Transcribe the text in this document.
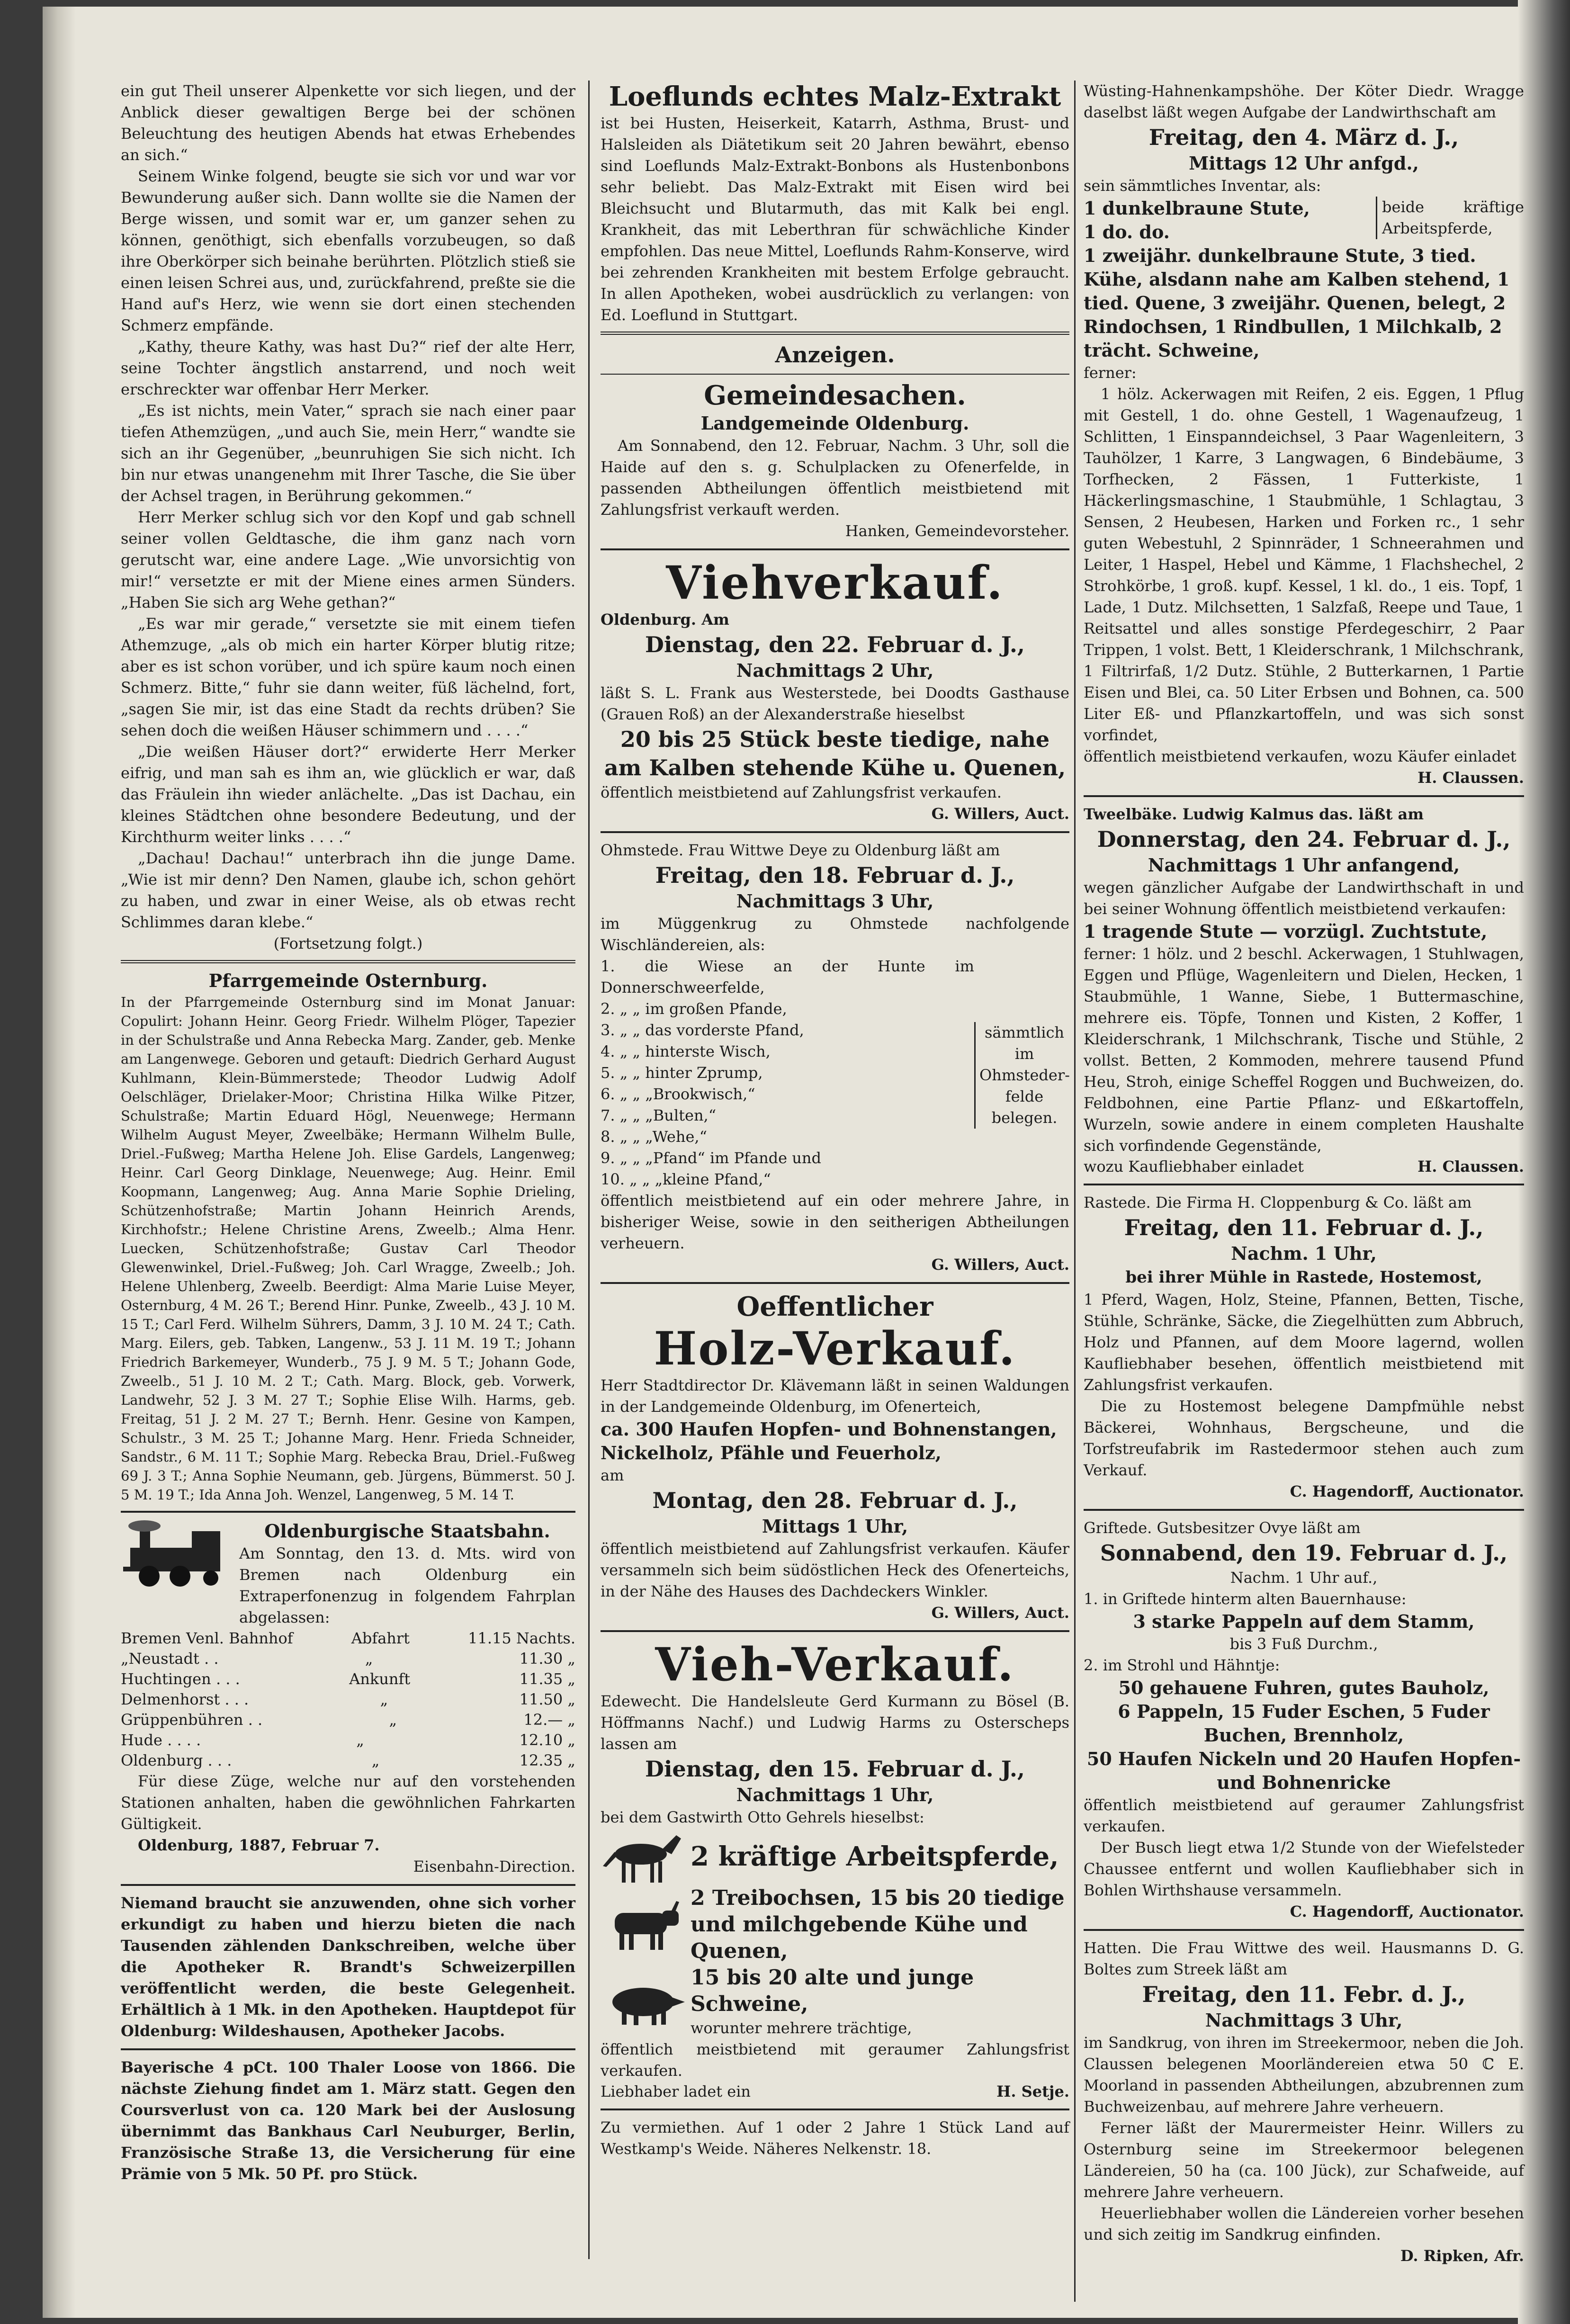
ein gut Theil unserer Alpenkette vor sich liegen, und der Anblick dieser gewaltigen Berge bei der schönen Beleuchtung des heutigen Abends hat etwas Erhebendes an sich.“

Seinem Winke folgend, beugte sie sich vor und war vor Bewunderung außer sich. Dann wollte sie die Namen der Berge wissen, und somit war er, um ganzer sehen zu können, genöthigt, sich ebenfalls vorzubeugen, so daß ihre Oberkörper sich beinahe berührten. Plötzlich stieß sie einen leisen Schrei aus, und, zurückfahrend, preßte sie die Hand auf's Herz, wie wenn sie dort einen stechenden Schmerz empfände.

„Kathy, theure Kathy, was hast Du?“ rief der alte Herr, seine Tochter ängstlich anstarrend, und noch weit erschreckter war offenbar Herr Merker.

„Es ist nichts, mein Vater,“ sprach sie nach einer paar tiefen Athemzügen, „und auch Sie, mein Herr,“ wandte sie sich an ihr Gegenüber, „beunruhigen Sie sich nicht. Ich bin nur etwas unangenehm mit Ihrer Tasche, die Sie über der Achsel tragen, in Berührung gekommen.“

Herr Merker schlug sich vor den Kopf und gab schnell seiner vollen Geldtasche, die ihm ganz nach vorn gerutscht war, eine andere Lage. „Wie unvorsichtig von mir!“ versetzte er mit der Miene eines armen Sünders. „Haben Sie sich arg Wehe gethan?“

„Es war mir gerade,“ versetzte sie mit einem tiefen Athemzuge, „als ob mich ein harter Körper blutig ritze; aber es ist schon vorüber, und ich spüre kaum noch einen Schmerz. Bitte,“ fuhr sie dann weiter, füß lächelnd, fort, „sagen Sie mir, ist das eine Stadt da rechts drüben? Sie sehen doch die weißen Häuser schimmern und . . . .“

„Die weißen Häuser dort?“ erwiderte Herr Merker eifrig, und man sah es ihm an, wie glücklich er war, daß das Fräulein ihn wieder anlächelte. „Das ist Dachau, ein kleines Städtchen ohne besondere Bedeutung, und der Kirchthurm weiter links . . . .“

„Dachau! Dachau!“ unterbrach ihn die junge Dame. „Wie ist mir denn? Den Namen, glaube ich, schon gehört zu haben, und zwar in einer Weise, als ob etwas recht Schlimmes daran klebe.“

(Fortsetzung folgt.)

Pfarrgemeinde Osternburg.

In der Pfarrgemeinde Osternburg sind im Monat Januar: Copulirt: Johann Heinr. Georg Friedr. Wilhelm Plöger, Tapezier in der Schulstraße und Anna Rebecka Marg. Zander, geb. Menke am Langenwege. Geboren und getauft: Diedrich Gerhard August Kuhlmann, Klein-Bümmerstede; Theodor Ludwig Adolf Oelschläger, Drielaker-Moor; Christina Hilka Wilke Pitzer, Schulstraße; Martin Eduard Högl, Neuenwege; Hermann Wilhelm August Meyer, Zweelbäke; Hermann Wilhelm Bulle, Driel.-Fußweg; Martha Helene Joh. Elise Gardels, Langenweg; Heinr. Carl Georg Dinklage, Neuenwege; Aug. Heinr. Emil Koopmann, Langenweg; Aug. Anna Marie Sophie Drieling, Schützenhofstraße; Martin Johann Heinrich Arends, Kirchhofstr.; Helene Christine Arens, Zweelb.; Alma Henr. Luecken, Schützenhofstraße; Gustav Carl Theodor Glewenwinkel, Driel.-Fußweg; Joh. Carl Wragge, Zweelb.; Joh. Helene Uhlenberg, Zweelb. Beerdigt: Alma Marie Luise Meyer, Osternburg, 4 M. 26 T.; Berend Hinr. Punke, Zweelb., 43 J. 10 M. 15 T.; Carl Ferd. Wilhelm Sührers, Damm, 3 J. 10 M. 24 T.; Cath. Marg. Eilers, geb. Tabken, Langenw., 53 J. 11 M. 19 T.; Johann Friedrich Barkemeyer, Wunderb., 75 J. 9 M. 5 T.; Johann Gode, Zweelb., 51 J. 10 M. 2 T.; Cath. Marg. Block, geb. Vorwerk, Landwehr, 52 J. 3 M. 27 T.; Sophie Elise Wilh. Harms, geb. Freitag, 51 J. 2 M. 27 T.; Bernh. Henr. Gesine von Kampen, Schulstr., 3 M. 25 T.; Johanne Marg. Henr. Frieda Schneider, Sandstr., 6 M. 11 T.; Sophie Marg. Rebecka Brau, Driel.-Fußweg 69 J. 3 T.; Anna Sophie Neumann, geb. Jürgens, Bümmerst. 50 J. 5 M. 19 T.; Ida Anna Joh. Wenzel, Langenweg, 5 M. 14 T.

Oldenburgische Staatsbahn.

Am Sonntag, den 13. d. Mts. wird von Bremen nach Oldenburg ein Extraperfonenzug in folgendem Fahrplan abgelassen:

Bremen Venl. Bahnhof	Abfahrt	11.15 Nachts.
„Neustadt . .	„	11.30 „
Huchtingen . . .	Ankunft	11.35 „
Delmenhorst . . .	„	11.50 „
Grüppenbühren . .	„	12.— „
Hude . . . .	„	12.10 „
Oldenburg . . .	„	12.35 „

Für diese Züge, welche nur auf den vorstehenden Stationen anhalten, haben die gewöhnlichen Fahrkarten Gültigkeit.

Oldenburg, 1887, Februar 7.

Eisenbahn-Direction.

Niemand braucht sie anzuwenden, ohne sich vorher erkundigt zu haben und hierzu bieten die nach Tausenden zählenden Dankschreiben, welche über die Apotheker R. Brandt's Schweizerpillen veröffentlicht werden, die beste Gelegenheit. Erhältlich à 1 Mk. in den Apotheken. Hauptdepot für Oldenburg: Wildeshausen, Apotheker Jacobs.

Bayerische 4 pCt. 100 Thaler Loose von 1866. Die nächste Ziehung findet am 1. März statt. Gegen den Coursverlust von ca. 120 Mark bei der Auslosung übernimmt das Bankhaus Carl Neuburger, Berlin, Französische Straße 13, die Versicherung für eine Prämie von 5 Mk. 50 Pf. pro Stück.

Loeflunds echtes Malz-Extrakt

ist bei Husten, Heiserkeit, Katarrh, Asthma, Brust- und Halsleiden als Diätetikum seit 20 Jahren bewährt, ebenso sind Loeflunds Malz-Extrakt-Bonbons als Hustenbonbons sehr beliebt. Das Malz-Extrakt mit Eisen wird bei Bleichsucht und Blutarmuth, das mit Kalk bei engl. Krankheit, das mit Leberthran für schwächliche Kinder empfohlen. Das neue Mittel, Loeflunds Rahm-Konserve, wird bei zehrenden Krankheiten mit bestem Erfolge gebraucht. In allen Apotheken, wobei ausdrücklich zu verlangen: von Ed. Loeflund in Stuttgart.

Anzeigen.

Gemeindesachen.

Landgemeinde Oldenburg.

Am Sonnabend, den 12. Februar, Nachm. 3 Uhr, soll die Haide auf den s. g. Schulplacken zu Ofenerfelde, in passenden Abtheilungen öffentlich meistbietend mit Zahlungsfrist verkauft werden.

Hanken, Gemeindevorsteher.

Viehverkauf.

Oldenburg. Am

Dienstag, den 22. Februar d. J.,

Nachmittags 2 Uhr,

läßt S. L. Frank aus Westerstede, bei Doodts Gasthause (Grauen Roß) an der Alexanderstraße hieselbst

20 bis 25 Stück beste tiedige, nahe am Kalben stehende Kühe u. Quenen,

öffentlich meistbietend auf Zahlungsfrist verkaufen.

G. Willers, Auct.

Ohmstede. Frau Wittwe Deye zu Oldenburg läßt am

Freitag, den 18. Februar d. J.,

Nachmittags 3 Uhr,

im Müggenkrug zu Ohmstede nachfolgende Wischländereien, als:

1. die Wiese an der Hunte im Donnerschweerfelde,

2. „ „ im großen Pfande,

3. „ „ das vorderste Pfand,

4. „ „ hinterste Wisch,

5. „ „ hinter Zprump,

6. „ „ „Brookwisch,“

7. „ „ „Bulten,“

8. „ „ „Wehe,“

9. „ „ „Pfand“ im Pfande und

10. „ „ „kleine Pfand,“

sämmtlich im Ohmsteder-felde belegen.

öffentlich meistbietend auf ein oder mehrere Jahre, in bisheriger Weise, sowie in den seitherigen Abtheilungen verheuern.

G. Willers, Auct.

Oeffentlicher

Holz-Verkauf.

Herr Stadtdirector Dr. Klävemann läßt in seinen Waldungen in der Landgemeinde Oldenburg, im Ofenerteich,

ca. 300 Haufen Hopfen- und Bohnenstangen, Nickelholz, Pfähle und Feuerholz,

am

Montag, den 28. Februar d. J.,

Mittags 1 Uhr,

öffentlich meistbietend auf Zahlungsfrist verkaufen. Käufer versammeln sich beim südöstlichen Heck des Ofenerteichs, in der Nähe des Hauses des Dachdeckers Winkler.

G. Willers, Auct.

Vieh-Verkauf.

Edewecht. Die Handelsleute Gerd Kurmann zu Bösel (B. Höffmanns Nachf.) und Ludwig Harms zu Osterscheps lassen am

Dienstag, den 15. Februar d. J.,

Nachmittags 1 Uhr,

bei dem Gastwirth Otto Gehrels hieselbst:

2 kräftige Arbeitspferde,

2 Treibochsen, 15 bis 20 tiedige und milchgebende Kühe und Quenen,

15 bis 20 alte und junge Schweine,

worunter mehrere trächtige,

öffentlich meistbietend mit geraumer Zahlungsfrist verkaufen.

Liebhaber ladet ein	H. Setje.

Zu vermiethen. Auf 1 oder 2 Jahre 1 Stück Land auf Westkamp's Weide. Näheres Nelkenstr. 18.

Wüsting-Hahnenkampshöhe. Der Köter Diedr. Wragge daselbst läßt wegen Aufgabe der Landwirthschaft am

Freitag, den 4. März d. J.,

Mittags 12 Uhr anfgd.,

sein sämmtliches Inventar, als:

1 dunkelbraune Stute,

1 do. do.

beide kräftige Arbeitspferde,

1 zweijähr. dunkelbraune Stute, 3 tied. Kühe, alsdann nahe am Kalben stehend, 1 tied. Quene, 3 zweijähr. Quenen, belegt, 2 Rindochsen, 1 Rindbullen, 1 Milchkalb, 2 trächt. Schweine,

ferner:

1 hölz. Ackerwagen mit Reifen, 2 eis. Eggen, 1 Pflug mit Gestell, 1 do. ohne Gestell, 1 Wagenaufzeug, 1 Schlitten, 1 Einspanndeichsel, 3 Paar Wagenleitern, 3 Tauhölzer, 1 Karre, 3 Langwagen, 6 Bindebäume, 3 Torfhecken, 2 Fässen, 1 Futterkiste, 1 Häckerlingsmaschine, 1 Staubmühle, 1 Schlagtau, 3 Sensen, 2 Heubesen, Harken und Forken rc., 1 sehr guten Webestuhl, 2 Spinnräder, 1 Schneerahmen und Leiter, 1 Haspel, Hebel und Kämme, 1 Flachshechel, 2 Strohkörbe, 1 groß. kupf. Kessel, 1 kl. do., 1 eis. Topf, 1 Lade, 1 Dutz. Milchsetten, 1 Salzfaß, Reepe und Taue, 1 Reitsattel und alles sonstige Pferdegeschirr, 2 Paar Trippen, 1 volst. Bett, 1 Kleiderschrank, 1 Milchschrank, 1 Filtrirfaß, 1/2 Dutz. Stühle, 2 Butterkarnen, 1 Partie Eisen und Blei, ca. 50 Liter Erbsen und Bohnen, ca. 500 Liter Eß- und Pflanzkartoffeln, und was sich sonst vorfindet,

öffentlich meistbietend verkaufen, wozu Käufer einladet

H. Claussen.

Tweelbäke. Ludwig Kalmus das. läßt am

Donnerstag, den 24. Februar d. J.,

Nachmittags 1 Uhr anfangend,

wegen gänzlicher Aufgabe der Landwirthschaft in und bei seiner Wohnung öffentlich meistbietend verkaufen:

1 tragende Stute — vorzügl. Zuchtstute,

ferner: 1 hölz. und 2 beschl. Ackerwagen, 1 Stuhlwagen, Eggen und Pflüge, Wagenleitern und Dielen, Hecken, 1 Staubmühle, 1 Wanne, Siebe, 1 Buttermaschine, mehrere eis. Töpfe, Tonnen und Kisten, 2 Koffer, 1 Kleiderschrank, 1 Milchschrank, Tische und Stühle, 2 vollst. Betten, 2 Kommoden, mehrere tausend Pfund Heu, Stroh, einige Scheffel Roggen und Buchweizen, do. Feldbohnen, eine Partie Pflanz- und Eßkartoffeln, Wurzeln, sowie andere in einem completen Haushalte sich vorfindende Gegenstände,

wozu Kaufliebhaber einladet	H. Claussen.

Rastede. Die Firma H. Cloppenburg & Co. läßt am

Freitag, den 11. Februar d. J.,

Nachm. 1 Uhr,

bei ihrer Mühle in Rastede, Hostemost,

1 Pferd, Wagen, Holz, Steine, Pfannen, Betten, Tische, Stühle, Schränke, Säcke, die Ziegelhütten zum Abbruch, Holz und Pfannen, auf dem Moore lagernd, wollen Kaufliebhaber besehen, öffentlich meistbietend mit Zahlungsfrist verkaufen.

Die zu Hostemost belegene Dampfmühle nebst Bäckerei, Wohnhaus, Bergscheune, und die Torfstreufabrik im Rastedermoor stehen auch zum Verkauf.

C. Hagendorff, Auctionator.

Griftede. Gutsbesitzer Ovye läßt am

Sonnabend, den 19. Februar d. J.,

Nachm. 1 Uhr auf.,

1. in Griftede hinterm alten Bauernhause:

3 starke Pappeln auf dem Stamm,

bis 3 Fuß Durchm.,

2. im Strohl und Hähntje:

50 gehauene Fuhren, gutes Bauholz,

6 Pappeln, 15 Fuder Eschen, 5 Fuder Buchen, Brennholz,

50 Haufen Nickeln und 20 Haufen Hopfen- und Bohnenricke

öffentlich meistbietend auf geraumer Zahlungsfrist verkaufen.

Der Busch liegt etwa 1/2 Stunde von der Wiefelsteder Chaussee entfernt und wollen Kaufliebhaber sich in Bohlen Wirthshause versammeln.

C. Hagendorff, Auctionator.

Hatten. Die Frau Wittwe des weil. Hausmanns D. G. Boltes zum Streek läßt am

Freitag, den 11. Febr. d. J.,

Nachmittags 3 Uhr,

im Sandkrug, von ihren im Streekermoor, neben die Joh. Claussen belegenen Moorländereien etwa 50 ℂ E. Moorland in passenden Abtheilungen, abzubrennen zum Buchweizenbau, auf mehrere Jahre verheuern.

Ferner läßt der Maurermeister Heinr. Willers zu Osternburg seine im Streekermoor belegenen Ländereien, 50 ha (ca. 100 Jück), zur Schafweide, auf mehrere Jahre verheuern.

Heuerliebhaber wollen die Ländereien vorher besehen und sich zeitig im Sandkrug einfinden.

D. Ripken, Afr.
